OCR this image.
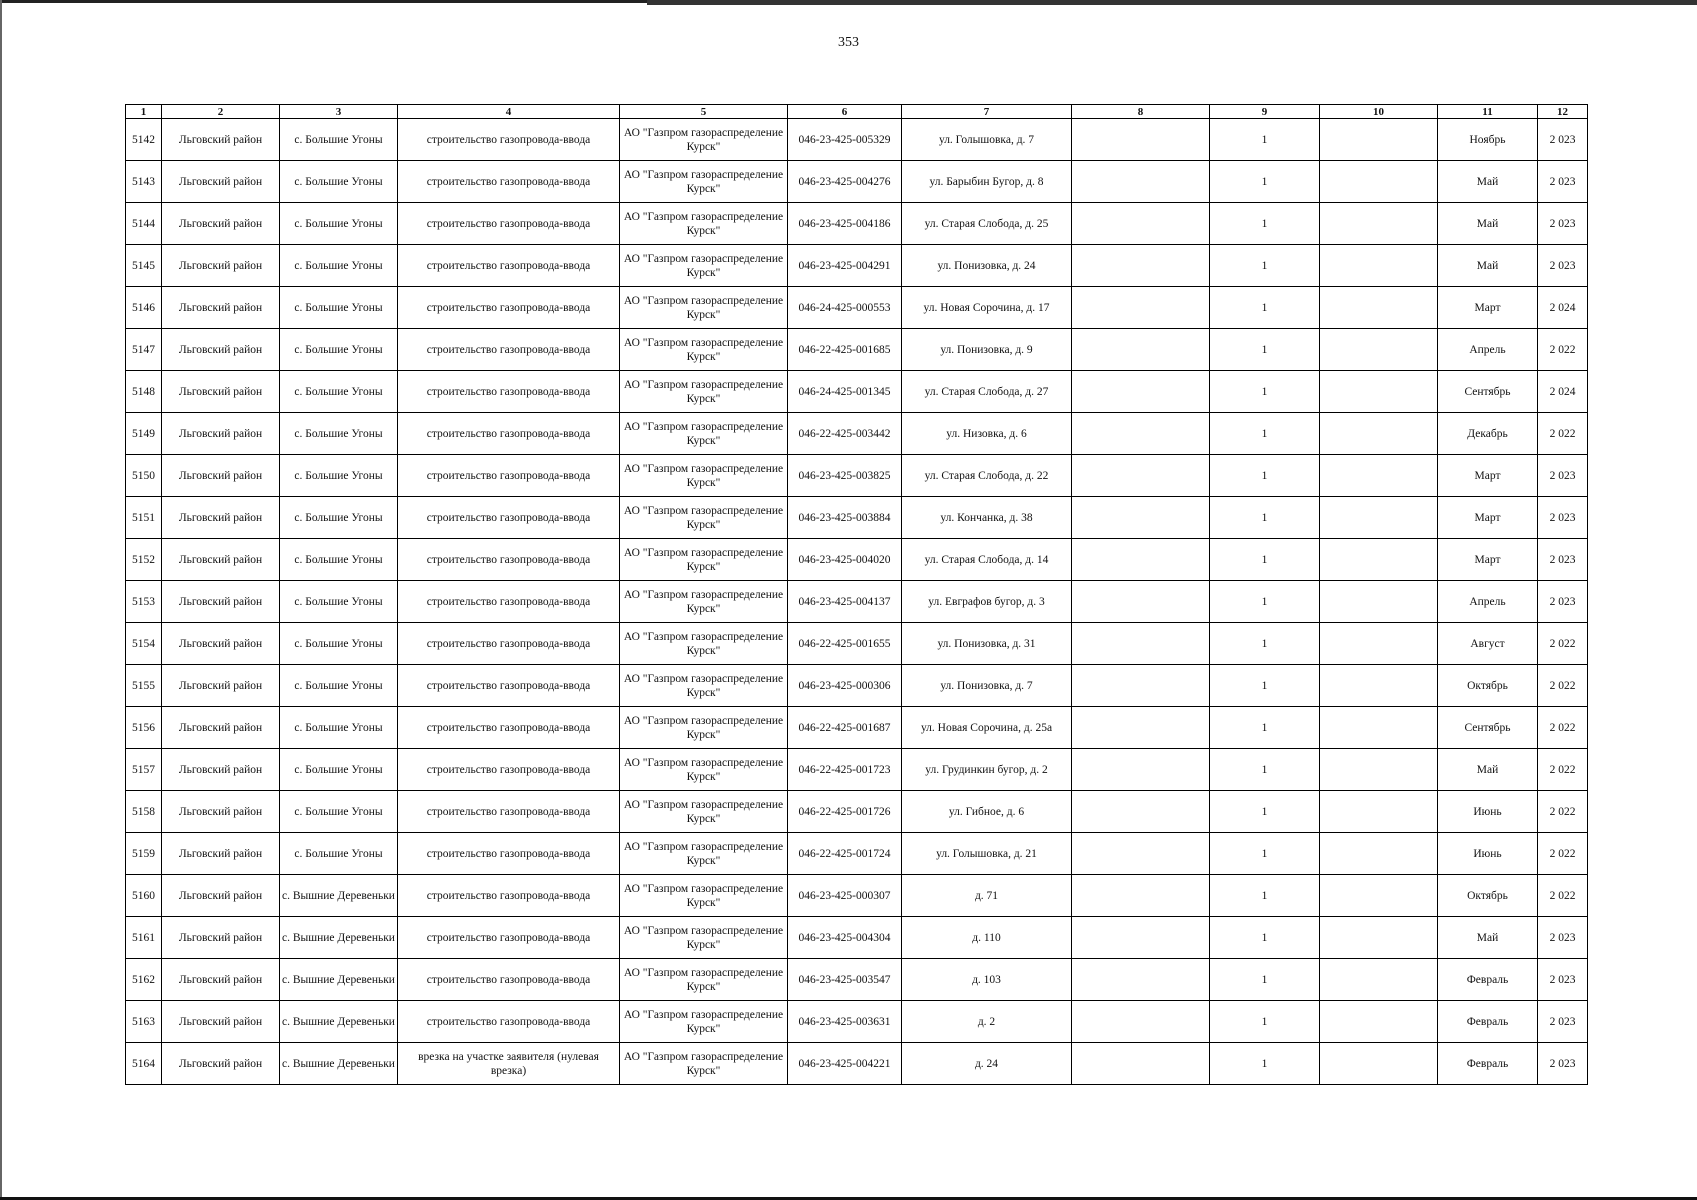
353
1	2	3	4	5	6	7	8	9	10	11	12
5142	Льговский район	с. Большие Угоны	строительство газопровода-ввода	АО "Газпром газораспределение Курск"	046-23-425-005329	ул. Голышовка, д. 7		1		Ноябрь	2 023
5143	Льговский район	с. Большие Угоны	строительство газопровода-ввода	АО "Газпром газораспределение Курск"	046-23-425-004276	ул. Барыбин Бугор, д. 8		1		Май	2 023
5144	Льговский район	с. Большие Угоны	строительство газопровода-ввода	АО "Газпром газораспределение Курск"	046-23-425-004186	ул. Старая Слобода, д. 25		1		Май	2 023
5145	Льговский район	с. Большие Угоны	строительство газопровода-ввода	АО "Газпром газораспределение Курск"	046-23-425-004291	ул. Понизовка, д. 24		1		Май	2 023
5146	Льговский район	с. Большие Угоны	строительство газопровода-ввода	АО "Газпром газораспределение Курск"	046-24-425-000553	ул. Новая Сорочина, д. 17		1		Март	2 024
5147	Льговский район	с. Большие Угоны	строительство газопровода-ввода	АО "Газпром газораспределение Курск"	046-22-425-001685	ул. Понизовка, д. 9		1		Апрель	2 022
5148	Льговский район	с. Большие Угоны	строительство газопровода-ввода	АО "Газпром газораспределение Курск"	046-24-425-001345	ул. Старая Слобода, д. 27		1		Сентябрь	2 024
5149	Льговский район	с. Большие Угоны	строительство газопровода-ввода	АО "Газпром газораспределение Курск"	046-22-425-003442	ул. Низовка, д. 6		1		Декабрь	2 022
5150	Льговский район	с. Большие Угоны	строительство газопровода-ввода	АО "Газпром газораспределение Курск"	046-23-425-003825	ул. Старая Слобода, д. 22		1		Март	2 023
5151	Льговский район	с. Большие Угоны	строительство газопровода-ввода	АО "Газпром газораспределение Курск"	046-23-425-003884	ул. Кончанка, д. 38		1		Март	2 023
5152	Льговский район	с. Большие Угоны	строительство газопровода-ввода	АО "Газпром газораспределение Курск"	046-23-425-004020	ул. Старая Слобода, д. 14		1		Март	2 023
5153	Льговский район	с. Большие Угоны	строительство газопровода-ввода	АО "Газпром газораспределение Курск"	046-23-425-004137	ул. Евграфов бугор, д. 3		1		Апрель	2 023
5154	Льговский район	с. Большие Угоны	строительство газопровода-ввода	АО "Газпром газораспределение Курск"	046-22-425-001655	ул. Понизовка, д. 31		1		Август	2 022
5155	Льговский район	с. Большие Угоны	строительство газопровода-ввода	АО "Газпром газораспределение Курск"	046-23-425-000306	ул. Понизовка, д. 7		1		Октябрь	2 022
5156	Льговский район	с. Большие Угоны	строительство газопровода-ввода	АО "Газпром газораспределение Курск"	046-22-425-001687	ул. Новая Сорочина, д. 25а		1		Сентябрь	2 022
5157	Льговский район	с. Большие Угоны	строительство газопровода-ввода	АО "Газпром газораспределение Курск"	046-22-425-001723	ул. Грудинкин бугор, д. 2		1		Май	2 022
5158	Льговский район	с. Большие Угоны	строительство газопровода-ввода	АО "Газпром газораспределение Курск"	046-22-425-001726	ул. Гибное, д. 6		1		Июнь	2 022
5159	Льговский район	с. Большие Угоны	строительство газопровода-ввода	АО "Газпром газораспределение Курск"	046-22-425-001724	ул. Голышовка, д. 21		1		Июнь	2 022
5160	Льговский район	с. Вышние Деревеньки	строительство газопровода-ввода	АО "Газпром газораспределение Курск"	046-23-425-000307	д. 71		1		Октябрь	2 022
5161	Льговский район	с. Вышние Деревеньки	строительство газопровода-ввода	АО "Газпром газораспределение Курск"	046-23-425-004304	д. 110		1		Май	2 023
5162	Льговский район	с. Вышние Деревеньки	строительство газопровода-ввода	АО "Газпром газораспределение Курск"	046-23-425-003547	д. 103		1		Февраль	2 023
5163	Льговский район	с. Вышние Деревеньки	строительство газопровода-ввода	АО "Газпром газораспределение Курск"	046-23-425-003631	д. 2		1		Февраль	2 023
5164	Льговский район	с. Вышние Деревеньки	врезка на участке заявителя (нулевая врезка)	АО "Газпром газораспределение Курск"	046-23-425-004221	д. 24		1		Февраль	2 023
